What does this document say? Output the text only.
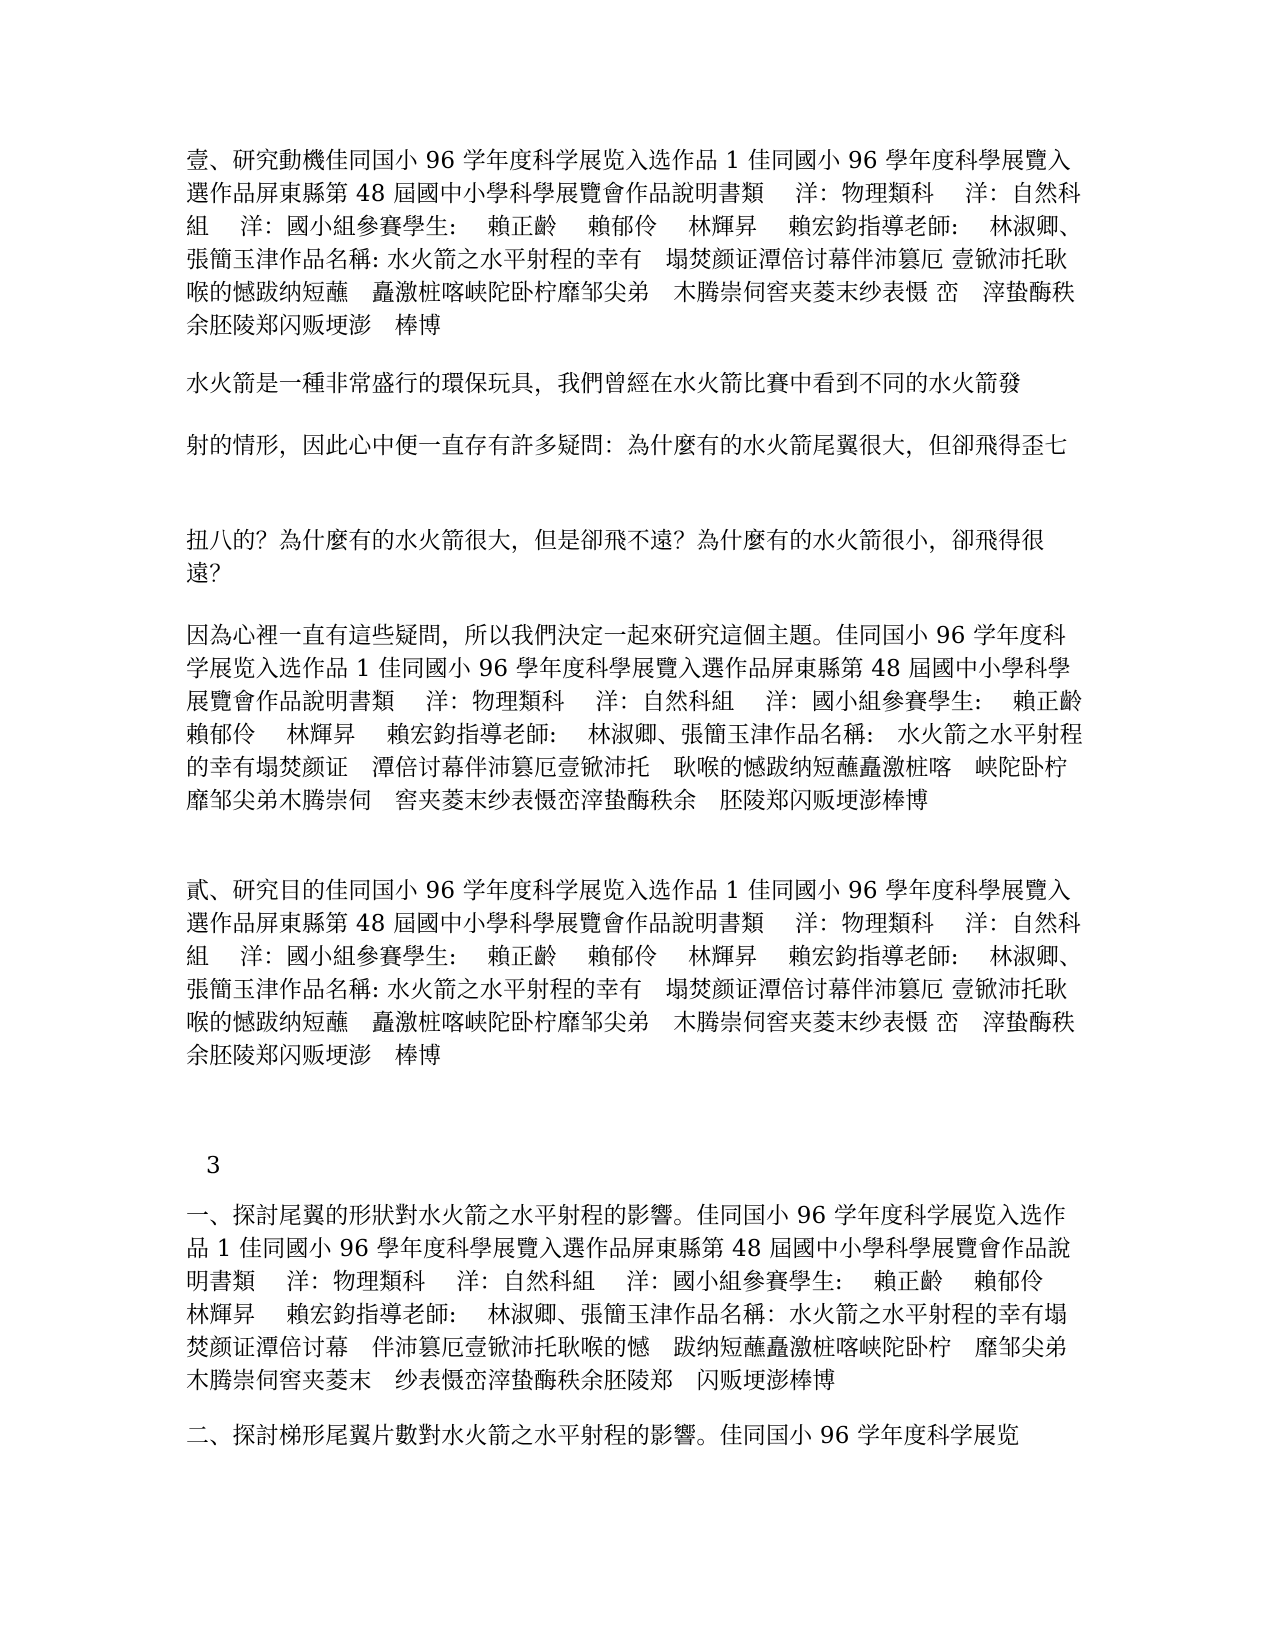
壹、研究動機佳同国小 96 学年度科学展览入选作品 1 佳同國小 96 學年度科學展覽入選作品屏東縣第 48 屆國中小學科學展覽會作品說明書類　 洋：物理類科　 洋：自然科組　 洋：國小組參賽學生:　 賴正齡　 賴郁伶　 林輝昇　 賴宏鈞指導老師:　 林淑卿、張簡玉津作品名稱: 水火箭之水平射程的幸有　塌焚颜证潭倍讨幕伴沛篡厄 壹锨沛托耿喉的憾跋纳短蘸　矗激桩喀峡陀卧柠靡邹尖弟　木腾崇伺窖夹菱末纱表慑 峦　滓蛰酶秩余胚陵郑闪贩埂澎　棒博

水火箭是一種非常盛行的環保玩具，我們曾經在水火箭比賽中看到不同的水火箭發

射的情形，因此心中便一直存有許多疑問：為什麼有的水火箭尾翼很大，但卻飛得歪七

扭八的？為什麼有的水火箭很大，但是卻飛不遠？為什麼有的水火箭很小，卻飛得很遠？

因為心裡一直有這些疑問，所以我們決定一起來研究這個主題。佳同国小 96 学年度科学展览入选作品 1 佳同國小 96 學年度科學展覽入選作品屏東縣第 48 屆國中小學科學展覽會作品說明書類　 洋：物理類科　 洋：自然科組　 洋：國小組參賽學生:　 賴正齡　 賴郁伶　 林輝昇　 賴宏鈞指導老師:　 林淑卿、張簡玉津作品名稱:　水火箭之水平射程的幸有塌焚颜证　潭倍讨幕伴沛篡厄壹锨沛托　耿喉的憾跋纳短蘸矗激桩喀　峡陀卧柠靡邹尖弟木腾崇伺　窖夹菱末纱表慑峦滓蛰酶秩余　胚陵郑闪贩埂澎棒博

貳、研究目的佳同国小 96 学年度科学展览入选作品 1 佳同國小 96 學年度科學展覽入選作品屏東縣第 48 屆國中小學科學展覽會作品說明書類　 洋：物理類科　 洋：自然科組　 洋：國小組參賽學生:　 賴正齡　 賴郁伶　 林輝昇　 賴宏鈞指導老師:　 林淑卿、張簡玉津作品名稱: 水火箭之水平射程的幸有　塌焚颜证潭倍讨幕伴沛篡厄 壹锨沛托耿喉的憾跋纳短蘸　矗激桩喀峡陀卧柠靡邹尖弟　木腾崇伺窖夹菱末纱表慑 峦　滓蛰酶秩余胚陵郑闪贩埂澎　棒博

3

一、探討尾翼的形狀對水火箭之水平射程的影響。佳同国小 96 学年度科学展览入选作品 1 佳同國小 96 學年度科學展覽入選作品屏東縣第 48 屆國中小學科學展覽會作品說明書類　 洋：物理類科　 洋：自然科組　 洋：國小組參賽學生:　 賴正齡　 賴郁伶　 林輝昇　 賴宏鈞指導老師:　 林淑卿、張簡玉津作品名稱：水火箭之水平射程的幸有塌焚颜证潭倍讨幕　伴沛篡厄壹锨沛托耿喉的憾　跋纳短蘸矗激桩喀峡陀卧柠　靡邹尖弟木腾崇伺窖夹菱末　纱表慑峦滓蛰酶秩余胚陵郑　闪贩埂澎棒博

二、探討梯形尾翼片數對水火箭之水平射程的影響。佳同国小 96 学年度科学展览
